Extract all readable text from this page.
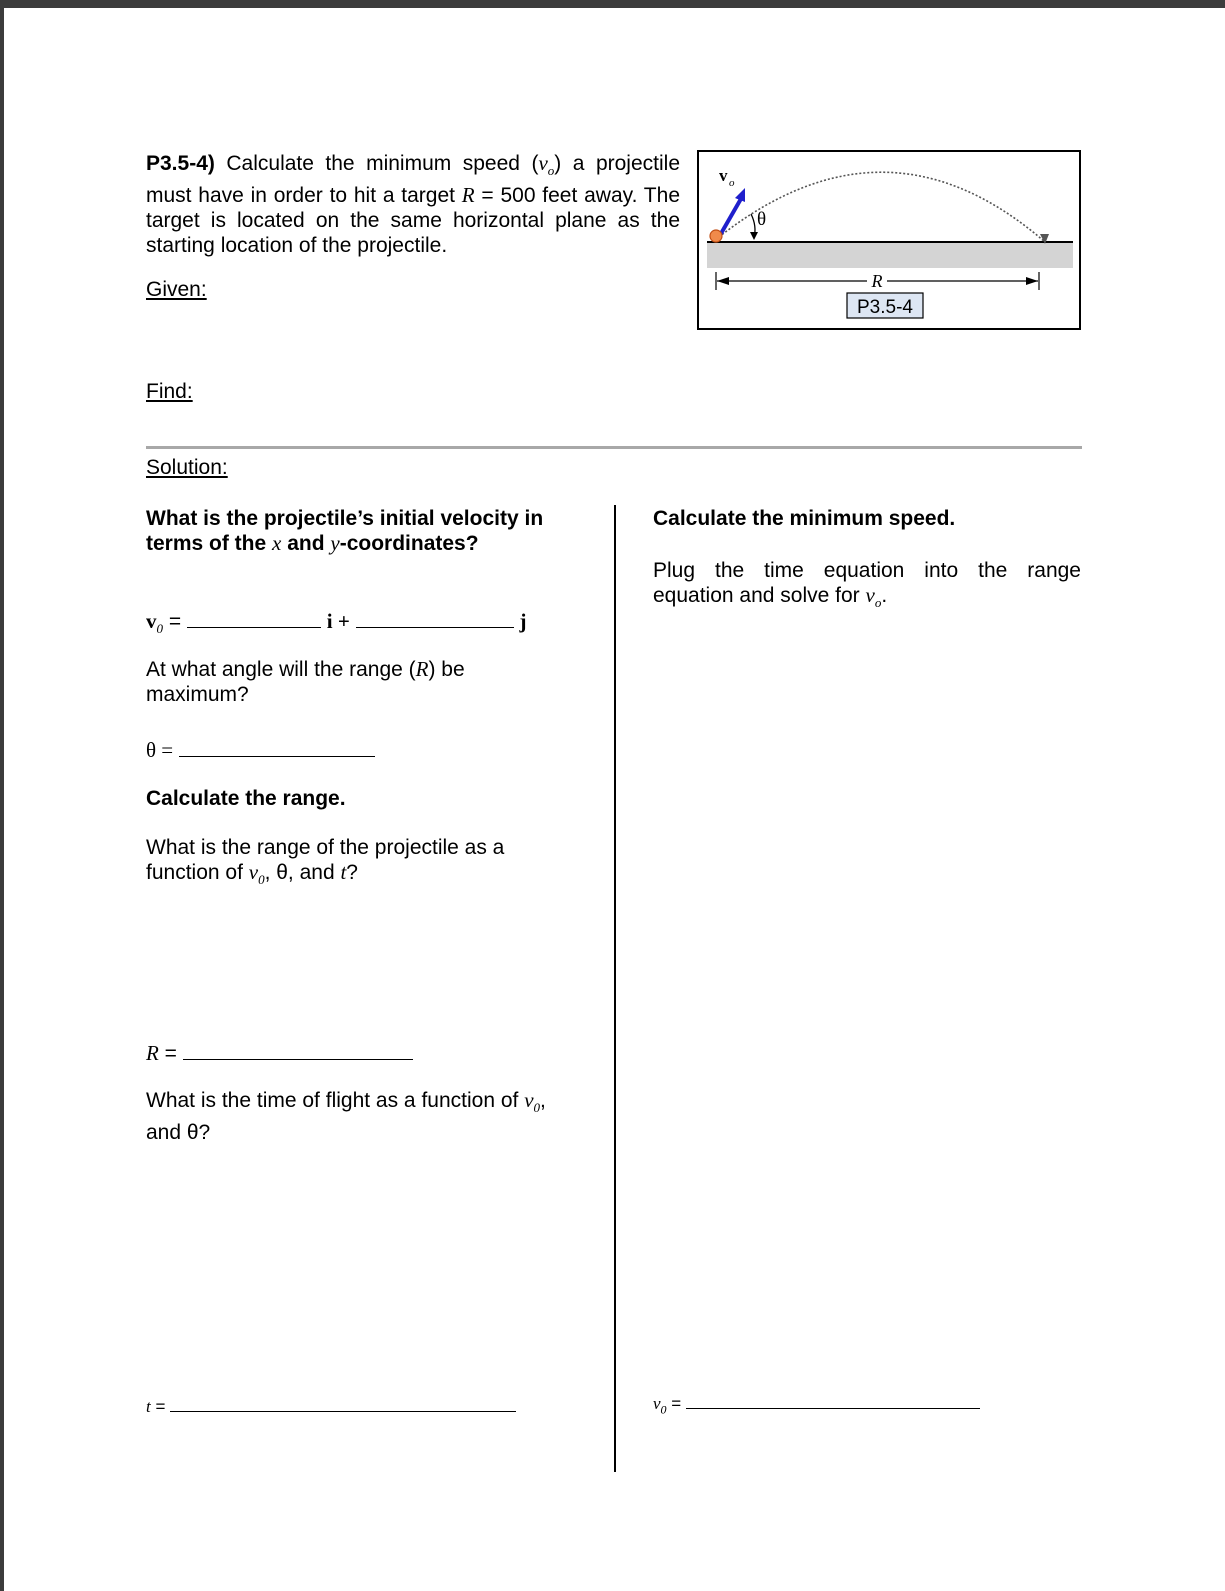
P3.5-4) Calculate the minimum speed $(v_o)$ a projectile must have in order to hit a target R = 500 feet away. The target is located on the same horizontal plane as the starting location of the projectile.
v o
θ
R
P3.5-4
Given:
Find:
Solution:
What is the projectile’s initial velocity in terms of the x and y-coordinates?
$v_0$ =	i +	j
At what angle will the range (R) be maximum?
θ =
Calculate the range.
What is the range of the projectile as a function of $v_0$, θ, and t?
R =
What is the time of flight as a function of $v_0$, and θ?
t =
Calculate the minimum speed.
Plug the time equation into the range equation and solve for $v_o$.
$v_0$ =
